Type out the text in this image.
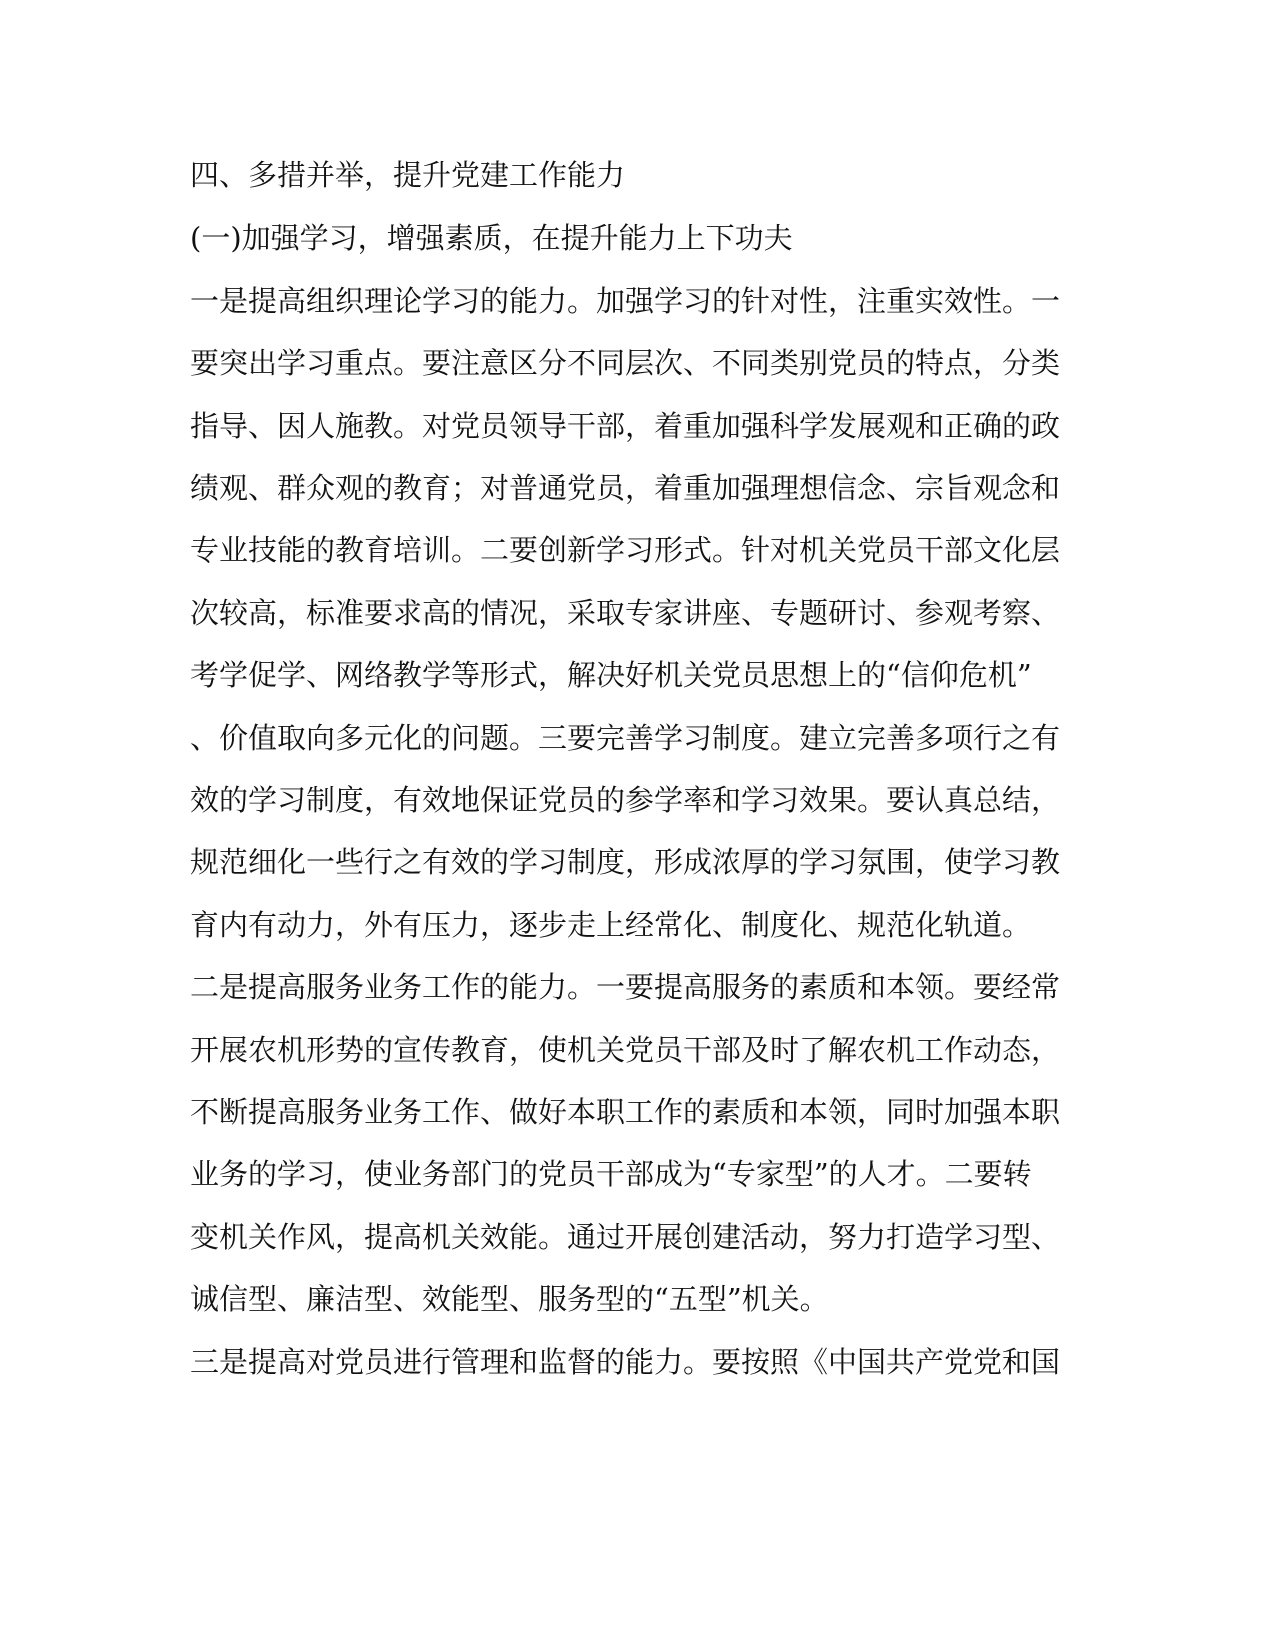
四、多措并举，提升党建工作能力

(一)加强学习，增强素质，在提升能力上下功夫

一是提高组织理论学习的能力。加强学习的针对性，注重实效性。一

要突出学习重点。要注意区分不同层次、不同类别党员的特点，分类

指导、因人施教。对党员领导干部，着重加强科学发展观和正确的政

绩观、群众观的教育；对普通党员，着重加强理想信念、宗旨观念和

专业技能的教育培训。二要创新学习形式。针对机关党员干部文化层

次较高，标准要求高的情况，采取专家讲座、专题研讨、参观考察、

考学促学、网络教学等形式，解决好机关党员思想上的“信仰危机”

、价值取向多元化的问题。三要完善学习制度。建立完善多项行之有

效的学习制度，有效地保证党员的参学率和学习效果。要认真总结，

规范细化一些行之有效的学习制度，形成浓厚的学习氛围，使学习教

育内有动力，外有压力，逐步走上经常化、制度化、规范化轨道。

二是提高服务业务工作的能力。一要提高服务的素质和本领。要经常

开展农机形势的宣传教育，使机关党员干部及时了解农机工作动态，

不断提高服务业务工作、做好本职工作的素质和本领，同时加强本职

业务的学习，使业务部门的党员干部成为“专家型”的人才。二要转

变机关作风，提高机关效能。通过开展创建活动，努力打造学习型、

诚信型、廉洁型、效能型、服务型的“五型”机关。

三是提高对党员进行管理和监督的能力。要按照《中国共产党党和国
